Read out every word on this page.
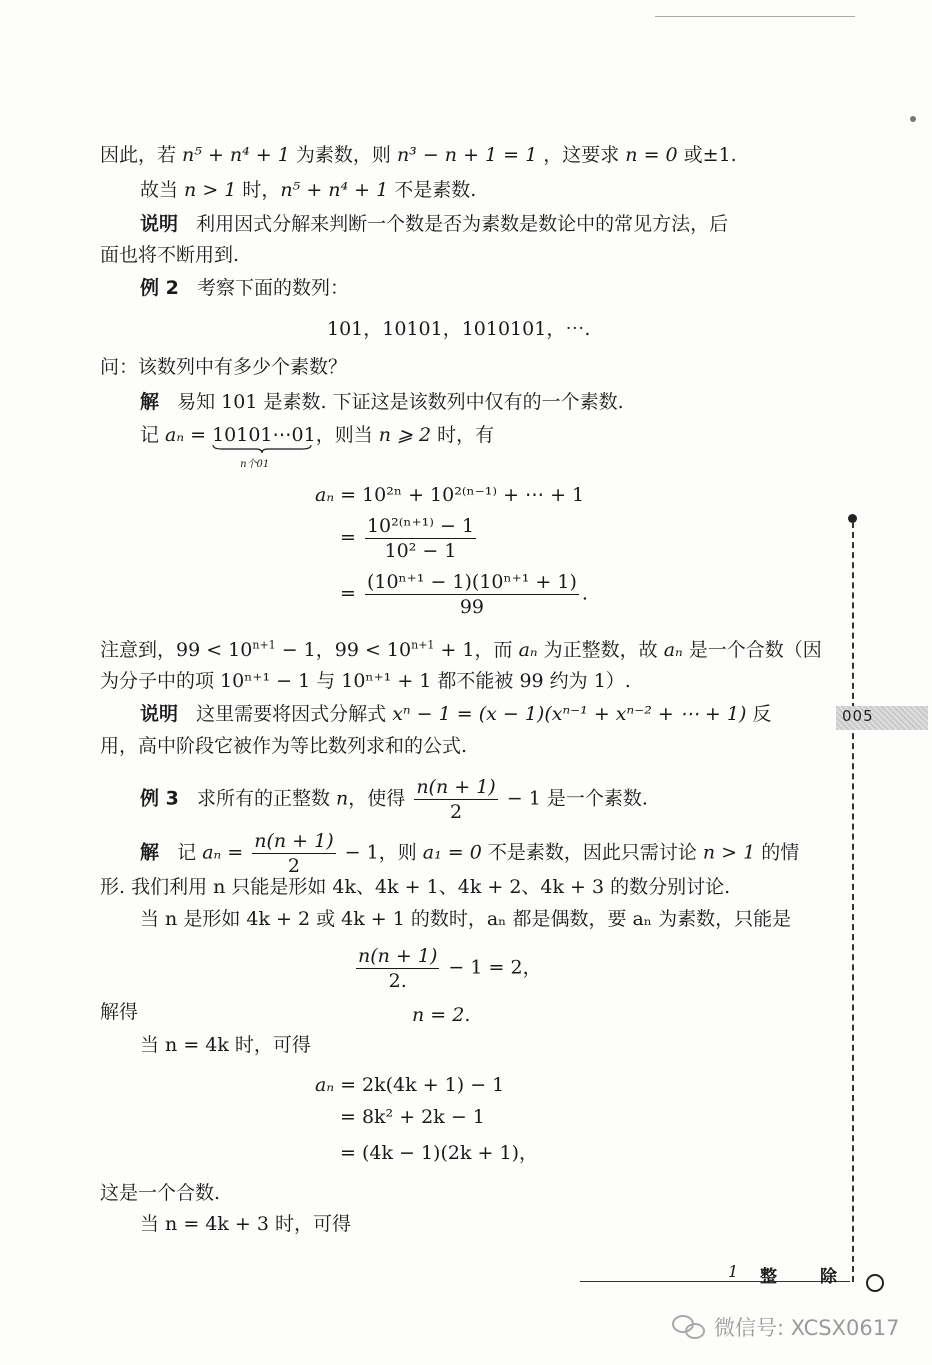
因此，若 n⁵ + n⁴ + 1 为素数，则 n³ − n + 1 = 1 ，这要求 n = 0 或±1.
故当 n > 1 时，n⁵ + n⁴ + 1 不是素数.
说明 利用因式分解来判断一个数是否为素数是数论中的常见方法，后
面也将不断用到.
例 2 考察下面的数列：
101，10101，1010101，⋯.
问：该数列中有多少个素数？
解 易知 101 是素数. 下证这是该数列中仅有的一个素数.
记 aₙ = 10101⋯01
n个01
，则当 n ⩾ 2 时，有
aₙ = 10²ⁿ + 10²⁽ⁿ⁻¹⁾ + ⋯ + 1
= $\frac{\text{10²⁽ⁿ⁺¹⁾ − 1}}{\text{10² − 1}}$
= $\frac{\text{(10ⁿ⁺¹ − 1)(10ⁿ⁺¹ + 1)}}{99}$ .
注意到，$99 < 10^{n+1} - 1$，$99 < 10^{n+1} + 1$，而 aₙ 为正整数，故 aₙ 是一个合数（因
为分子中的项 10ⁿ⁺¹ − 1 与 10ⁿ⁺¹ + 1 都不能被 99 约为 1）.
说明 这里需要将因式分解式 xⁿ − 1 = (x − 1)(xⁿ⁻¹ + xⁿ⁻² + ⋯ + 1) 反
用，高中阶段它被作为等比数列求和的公式.
例 3 求所有的正整数 n，使得 $\frac{n(n + 1)}{2} - 1$ 是一个素数.
解 记 $a_n = \frac{n(n + 1)}{2} - 1$，则 a₁ = 0 不是素数，因此只需讨论 n > 1 的情
形. 我们利用 n 只能是形如 4k、4k + 1、4k + 2、4k + 3 的数分别讨论.
当 n 是形如 4k + 2 或 4k + 1 的数时，aₙ 都是偶数，要 aₙ 为素数，只能是
$\frac{n(n + 1)}{2.} - 1 = 2$，
解得	n = 2.
当 n = 4k 时，可得
aₙ = 2k(4k + 1) − 1
= 8k² + 2k − 1
= (4k − 1)(2k + 1)，
这是一个合数.
当 n = 4k + 3 时，可得
005
1 整	除
微信号: XCSX0617
